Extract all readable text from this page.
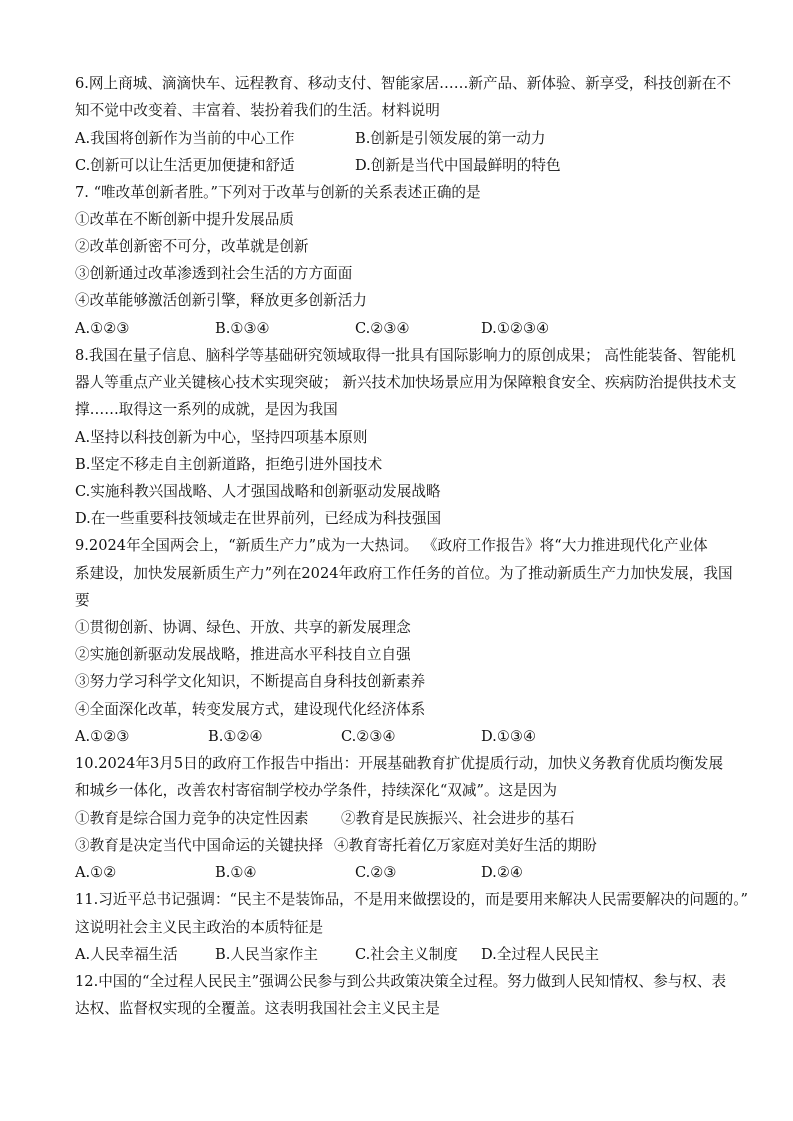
6.网上商城、滴滴快车、远程教育、移动支付、智能家居……新产品、新体验、新享受，科技创新在不
知不觉中改变着、丰富着、装扮着我们的生活。材料说明
A.我国将创新作为当前的中心工作	B.创新是引领发展的第一动力
C.创新可以让生活更加便捷和舒适	D.创新是当代中国最鲜明的特色
7. “唯改革创新者胜。”下列对于改革与创新的关系表述正确的是
①改革在不断创新中提升发展品质
②改革创新密不可分，改革就是创新
③创新通过改革渗透到社会生活的方方面面
④改革能够激活创新引擎，释放更多创新活力
A.①②③	B.①③④	C.②③④	D.①②③④
8.我国在量子信息、脑科学等基础研究领域取得一批具有国际影响力的原创成果； 高性能装备、智能机
器人等重点产业关键核心技术实现突破； 新兴技术加快场景应用为保障粮食安全、疾病防治提供技术支
撑……取得这一系列的成就，是因为我国
A.坚持以科技创新为中心，坚持四项基本原则
B.坚定不移走自主创新道路，拒绝引进外国技术
C.实施科教兴国战略、人才强国战略和创新驱动发展战略
D.在一些重要科技领域走在世界前列，已经成为科技强国
9.2024年全国两会上，“新质生产力”成为一大热词。 《政府工作报告》将“大力推进现代化产业体
系建设，加快发展新质生产力”列在2024年政府工作任务的首位。为了推动新质生产力加快发展，我国
要
①贯彻创新、协调、绿色、开放、共享的新发展理念
②实施创新驱动发展战略，推进高水平科技自立自强
③努力学习科学文化知识，不断提高自身科技创新素养
④全面深化改革，转变发展方式，建设现代化经济体系
A.①②③	B.①②④	C.②③④	D.①③④
10.2024年3月5日的政府工作报告中指出：开展基础教育扩优提质行动，加快义务教育优质均衡发展
和城乡一体化，改善农村寄宿制学校办学条件，持续深化“双减”。这是因为
①教育是综合国力竞争的决定性因素 ②教育是民族振兴、社会进步的基石
③教育是决定当代中国命运的关键抉择 ④教育寄托着亿万家庭对美好生活的期盼
A.①②	B.①④	C.②③	D.②④
11.习近平总书记强调：“民主不是装饰品，不是用来做摆设的，而是要用来解决人民需要解决的问题的。”
这说明社会主义民主政治的本质特征是
A.人民幸福生活	B.人民当家作主	C.社会主义制度 D.全过程人民民主
12.中国的“全过程人民民主”强调公民参与到公共政策决策全过程。努力做到人民知情权、参与权、表
达权、监督权实现的全覆盖。这表明我国社会主义民主是
